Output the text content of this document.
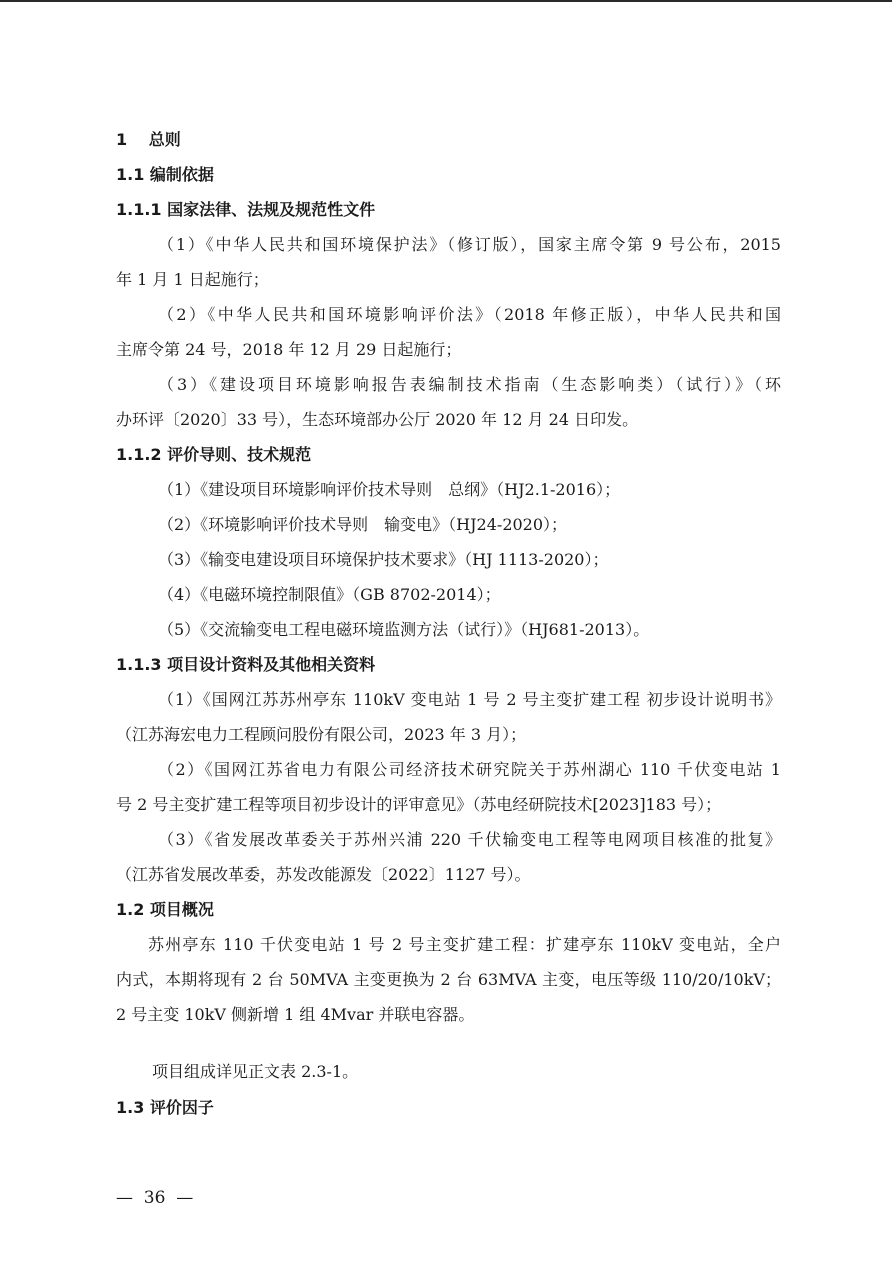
1　 总则
1.1 编制依据
1.1.1 国家法律、法规及规范性文件
（1）《中华人民共和国环境保护法》（修订版），国家主席令第 9 号公布，2015
年 1 月 1 日起施行；
（2）《中华人民共和国环境影响评价法》（2018 年修正版），中华人民共和国
主席令第 24 号，2018 年 12 月 29 日起施行；
（3）《建设项目环境影响报告表编制技术指南（生态影响类）（试行）》（环
办环评〔2020〕33 号），生态环境部办公厅 2020 年 12 月 24 日印发。
1.1.2 评价导则、技术规范
（1）《建设项目环境影响评价技术导则　总纲》（HJ2.1-2016）；
（2）《环境影响评价技术导则　输变电》（HJ24-2020）；
（3）《输变电建设项目环境保护技术要求》（HJ 1113-2020）；
（4）《电磁环境控制限值》（GB 8702-2014）；
（5）《交流输变电工程电磁环境监测方法（试行）》（HJ681-2013）。
1.1.3 项目设计资料及其他相关资料
（1）《国网江苏苏州亭东 110kV 变电站 1 号 2 号主变扩建工程 初步设计说明书》
（江苏海宏电力工程顾问股份有限公司，2023 年 3 月）；
（2）《国网江苏省电力有限公司经济技术研究院关于苏州湖心 110 千伏变电站 1
号 2 号主变扩建工程等项目初步设计的评审意见》（苏电经研院技术[2023]183 号）；
（3）《省发展改革委关于苏州兴浦 220 千伏输变电工程等电网项目核准的批复》
（江苏省发展改革委，苏发改能源发〔2022〕1127 号）。
1.2 项目概况
苏州亭东 110 千伏变电站 1 号 2 号主变扩建工程：扩建亭东 110kV 变电站，全户
内式，本期将现有 2 台 50MVA 主变更换为 2 台 63MVA 主变，电压等级 110/20/10kV；
2 号主变 10kV 侧新增 1 组 4Mvar 并联电容器。
项目组成详见正文表 2.3-1。
1.3 评价因子
—  36  —
